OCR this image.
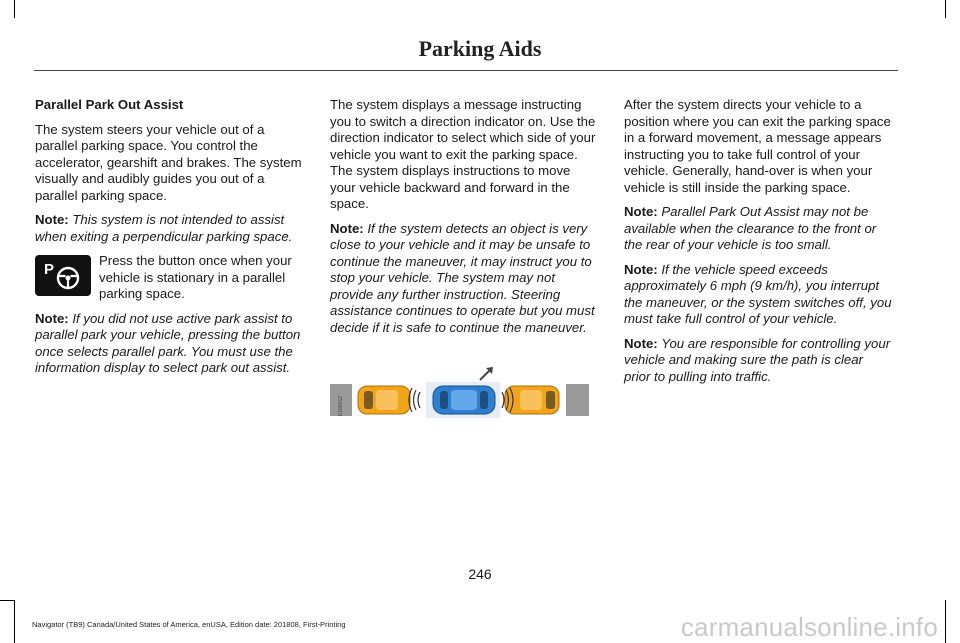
Parking Aids

Parallel Park Out Assist

The system steers your vehicle out of a parallel parking space. You control the accelerator, gearshift and brakes. The system visually and audibly guides you out of a parallel parking space.

Note: This system is not intended to assist when exiting a perpendicular parking space.

P
Press the button once when your vehicle is stationary in a parallel parking space.

Note: If you did not use active park assist to parallel park your vehicle, pressing the button once selects parallel park. You must use the information display to select park out assist.

The system displays a message instructing you to switch a direction indicator on. Use the direction indicator to select which side of your vehicle you want to exit the parking space. The system displays instructions to move your vehicle backward and forward in the space.

Note: If the system detects an object is very close to your vehicle and it may be unsafe to continue the maneuver, it may instruct you to stop your vehicle. The system may not provide any further instruction. Steering assistance continues to operate but you must decide if it is safe to continue the maneuver.

E186012

After the system directs your vehicle to a position where you can exit the parking space in a forward movement, a message appears instructing you to take full control of your vehicle. Generally, hand-over is when your vehicle is still inside the parking space.

Note: Parallel Park Out Assist may not be available when the clearance to the front or the rear of your vehicle is too small.

Note: If the vehicle speed exceeds approximately 6 mph (9 km/h), you interrupt the maneuver, or the system switches off, you must take full control of your vehicle.

Note: You are responsible for controlling your vehicle and making sure the path is clear prior to pulling into traffic.

246
Navigator (TB9) Canada/United States of America, enUSA, Edition date: 201808, First-Printing	carmanualsonline.info
